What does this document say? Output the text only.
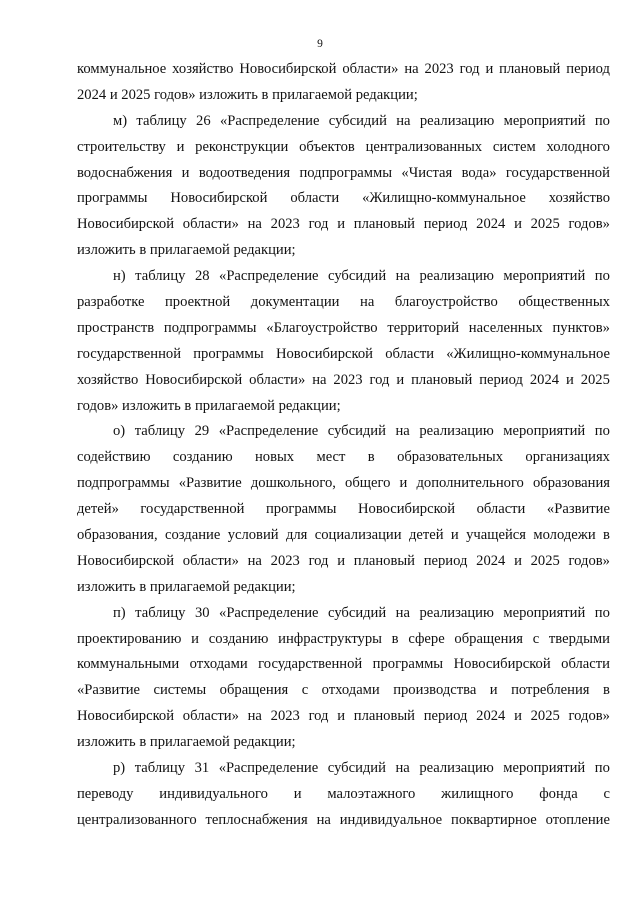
9
коммунальное хозяйство Новосибирской области» на 2023 год и плановый период
2024 и 2025 годов» изложить в прилагаемой редакции;
м) таблицу 26 «Распределение субсидий на реализацию мероприятий по
строительству и реконструкции объектов централизованных систем холодного
водоснабжения и водоотведения подпрограммы «Чистая вода» государственной
программы Новосибирской области «Жилищно-коммунальное хозяйство
Новосибирской области» на 2023 год и плановый период 2024 и 2025 годов»
изложить в прилагаемой редакции;
н) таблицу 28 «Распределение субсидий на реализацию мероприятий по
разработке проектной документации на благоустройство общественных
пространств подпрограммы «Благоустройство территорий населенных пунктов»
государственной программы Новосибирской области «Жилищно-коммунальное
хозяйство Новосибирской области» на 2023 год и плановый период 2024 и 2025
годов» изложить в прилагаемой редакции;
о) таблицу 29 «Распределение субсидий на реализацию мероприятий по
содействию созданию новых мест в образовательных организациях
подпрограммы «Развитие дошкольного, общего и дополнительного образования
детей» государственной программы Новосибирской области «Развитие
образования, создание условий для социализации детей и учащейся молодежи в
Новосибирской области» на 2023 год и плановый период 2024 и 2025 годов»
изложить в прилагаемой редакции;
п) таблицу 30 «Распределение субсидий на реализацию мероприятий по
проектированию и созданию инфраструктуры в сфере обращения с твердыми
коммунальными отходами государственной программы Новосибирской области
«Развитие системы обращения с отходами производства и потребления в
Новосибирской области» на 2023 год и плановый период 2024 и 2025 годов»
изложить в прилагаемой редакции;
р) таблицу 31 «Распределение субсидий на реализацию мероприятий по
переводу индивидуального и малоэтажного жилищного фонда с
централизованного теплоснабжения на индивидуальное поквартирное отопление
